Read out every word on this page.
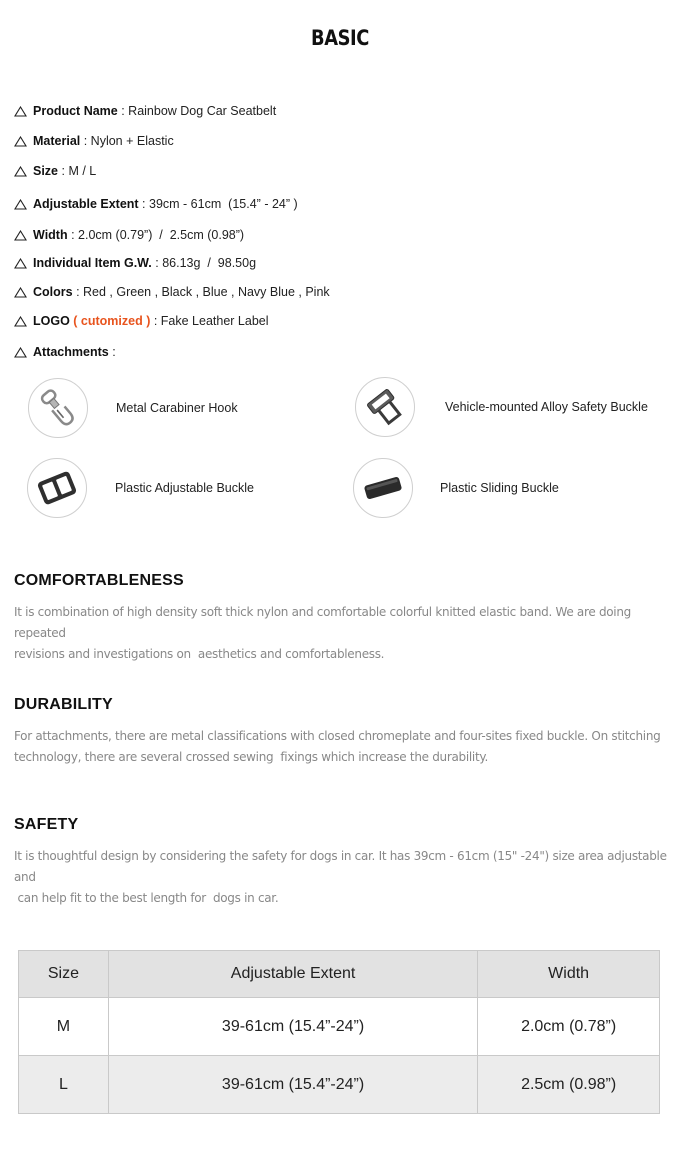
BASIC
Product Name : Rainbow Dog Car Seatbelt
Material : Nylon + Elastic
Size : M / L
Adjustable Extent : 39cm - 61cm  (15.4” - 24” )
Width : 2.0cm (0.79”)  /  2.5cm (0.98”)
Individual Item G.W. : 86.13g  /  98.50g
Colors : Red , Green , Black , Blue , Navy Blue , Pink
LOGO ( cutomized ) : Fake Leather Label
Attachments :
Metal Carabiner Hook	Vehicle-mounted Alloy Safety Buckle
Plastic Adjustable Buckle	Plastic Sliding Buckle
COMFORTABLENESS
It is combination of high density soft thick nylon and comfortable colorful knitted elastic band. We are doing repeated
revisions and investigations on  aesthetics and comfortableness.
DURABILITY
For attachments, there are metal classifications with closed chromeplate and four-sites fixed buckle. On stitching
technology, there are several crossed sewing  fixings which increase the durability.
SAFETY
It is thoughtful design by considering the safety for dogs in car. It has 39cm - 61cm (15" -24") size area adjustable and
can help fit to the best length for  dogs in car.
Size	Adjustable Extent	Width
M	39-61cm (15.4”-24”)	2.0cm (0.78”)
L	39-61cm (15.4”-24”)	2.5cm (0.98”)
